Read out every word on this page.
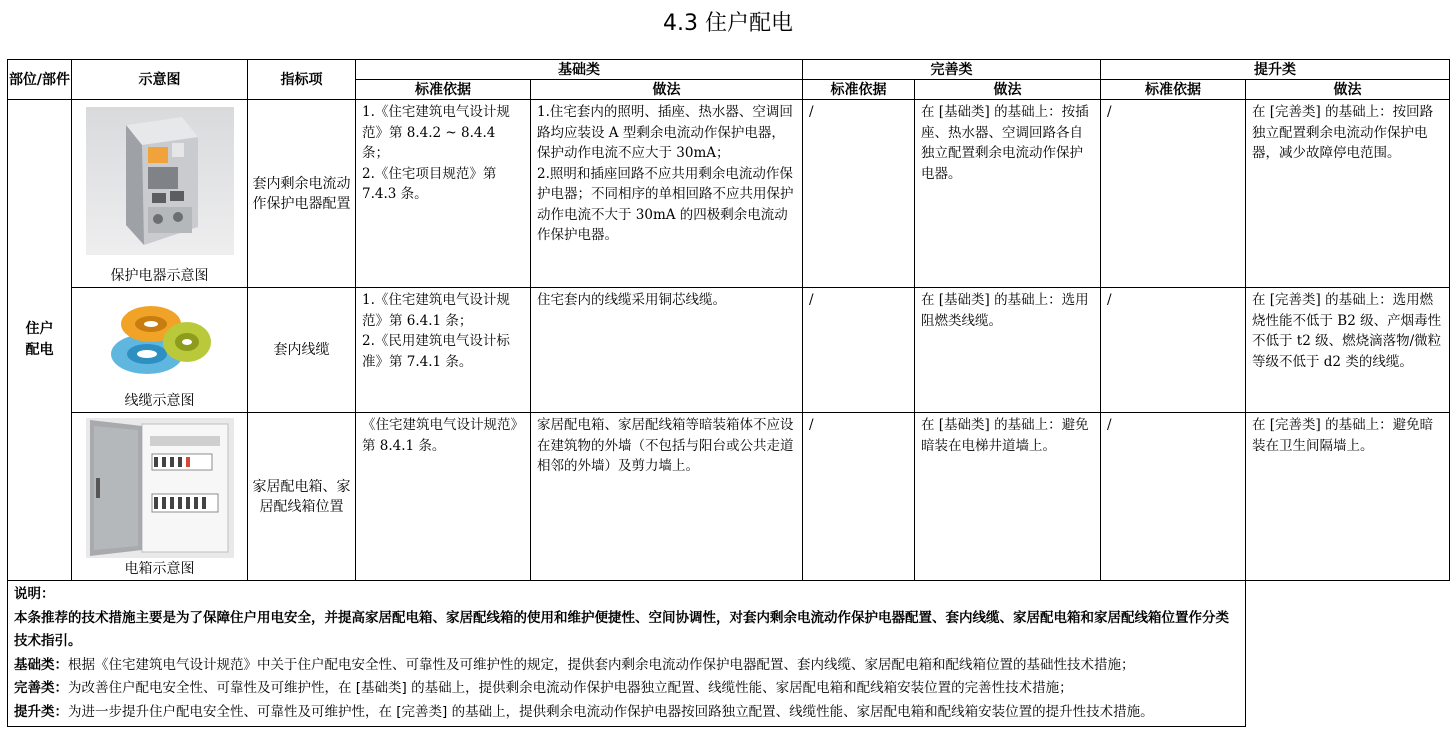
4.3 住户配电
部位/部件	示意图	指标项	基础类		完善类		提升类	
			标准依据	做法	标准依据	做法	标准依据	做法

住户配电	保护电器示意图	套内剩余电流动作保护电器配置	1.《住宅建筑电气设计规范》第 8.4.2 ~ 8.4.4 条；
2.《住宅项目规范》第 7.4.3 条。	1.住宅套内的照明、插座、热水器、空调回路均应装设 A 型剩余电流动作保护电器，保护动作电流不应大于 30mA；
2.照明和插座回路不应共用剩余电流动作保护电器；不同相序的单相回路不应共用保护动作电流不大于 30mA 的四极剩余电流动作保护电器。	/	在 [基础类] 的基础上：按插座、热水器、空调回路各自独立配置剩余电流动作保护电器。	/	在 [完善类] 的基础上：按回路独立配置剩余电流动作保护电器，减少故障停电范围。

	线缆示意图	套内线缆	1.《住宅建筑电气设计规范》第 6.4.1 条；
2.《民用建筑电气设计标准》第 7.4.1 条。	住宅套内的线缆采用铜芯线缆。	/	在 [基础类] 的基础上：选用阻燃类线缆。	/	在 [完善类] 的基础上：选用燃烧性能不低于 B2 级、产烟毒性不低于 t2 级、燃烧滴落物/微粒等级不低于 d2 类的线缆。

	电箱示意图	家居配电箱、家居配线箱位置	《住宅建筑电气设计规范》第 8.4.1 条。	家居配电箱、家居配线箱等暗装箱体不应设在建筑物的外墙（不包括与阳台或公共走道相邻的外墙）及剪力墙上。	/	在 [基础类] 的基础上：避免暗装在电梯井道墙上。	/	在 [完善类] 的基础上：避免暗装在卫生间隔墙上。

说明：
本条推荐的技术措施主要是为了保障住户用电安全，并提高家居配电箱、家居配线箱的使用和维护便捷性、空间协调性，对套内剩余电流动作保护电器配置、套内线缆、家居配电箱和家居配线箱位置作分类技术指引。
基础类：根据《住宅建筑电气设计规范》中关于住户配电安全性、可靠性及可维护性的规定，提供套内剩余电流动作保护电器配置、套内线缆、家居配电箱和配线箱位置的基础性技术措施；
完善类：为改善住户配电安全性、可靠性及可维护性，在 [基础类] 的基础上，提供剩余电流动作保护电器独立配置、线缆性能、家居配电箱和配线箱安装位置的完善性技术措施；
提升类：为进一步提升住户配电安全性、可靠性及可维护性，在 [完善类] 的基础上，提供剩余电流动作保护电器按回路独立配置、线缆性能、家居配电箱和配线箱安装位置的提升性技术措施。								
